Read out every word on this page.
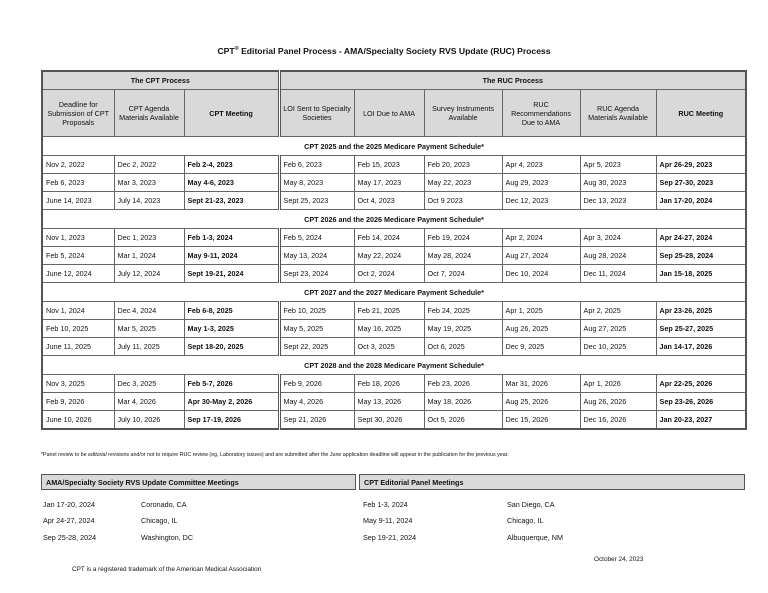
CPT® Editorial Panel Process - AMA/Specialty Society RVS Update (RUC) Process
The CPT Process			The RUC Process					
Deadline for Submission of CPT Proposals	CPT Agenda Materials Available	CPT Meeting	LOI Sent to Specialty Societies	LOI Due to AMA	Survey Instruments Available	RUC Recommendations Due to AMA	RUC Agenda Materials Available	RUC Meeting
CPT 2025 and the 2025 Medicare Payment Schedule*								
Nov 2, 2022	Dec 2, 2022	Feb 2-4, 2023	Feb 6, 2023	Feb 15, 2023	Feb 20, 2023	Apr 4, 2023	Apr 5, 2023	Apr 26-29, 2023
Feb 6, 2023	Mar 3, 2023	May 4-6, 2023	May 8, 2023	May 17, 2023	May 22, 2023	Aug 29, 2023	Aug 30, 2023	Sep 27-30, 2023
June 14, 2023	July 14, 2023	Sept 21-23, 2023	Sept 25, 2023	Oct 4, 2023	Oct 9 2023	Dec 12, 2023	Dec 13, 2023	Jan 17-20, 2024
CPT 2026 and the 2026 Medicare Payment Schedule*								
Nov 1, 2023	Dec 1, 2023	Feb 1-3, 2024	Feb 5, 2024	Feb 14, 2024	Feb 19, 2024	Apr 2, 2024	Apr 3, 2024	Apr 24-27, 2024
Feb 5, 2024	Mar 1, 2024	May 9-11, 2024	May 13, 2024	May 22, 2024	May 28, 2024	Aug 27, 2024	Aug 28, 2024	Sep 25-28, 2024
June 12, 2024	July 12, 2024	Sept 19-21, 2024	Sept 23, 2024	Oct 2, 2024	Oct 7, 2024	Dec 10, 2024	Dec 11, 2024	Jan 15-18, 2025
CPT 2027 and the 2027 Medicare Payment Schedule*								
Nov 1, 2024	Dec 4, 2024	Feb 6-8, 2025	Feb 10, 2025	Feb 21, 2025	Feb 24, 2025	Apr 1, 2025	Apr 2, 2025	Apr 23-26, 2025
Feb 10, 2025	Mar 5, 2025	May 1-3, 2025	May 5, 2025	May 16, 2025	May 19, 2025	Aug 26, 2025	Aug 27, 2025	Sep 25-27, 2025
June 11, 2025	July 11, 2025	Sept 18-20, 2025	Sept 22, 2025	Oct 3, 2025	Oct 6, 2025	Dec 9, 2025	Dec 10, 2025	Jan 14-17, 2026
CPT 2028 and the 2028 Medicare Payment Schedule*								
Nov 3, 2025	Dec 3, 2025	Feb 5-7, 2026	Feb 9, 2026	Feb 18, 2026	Feb 23, 2026	Mar 31, 2026	Apr 1, 2026	Apr 22-25, 2026
Feb 9, 2026	Mar 4, 2026	Apr 30-May 2, 2026	May 4, 2026	May 13, 2026	May 18, 2026	Aug 25, 2026	Aug 26, 2026	Sep 23-26, 2026
June 10, 2026	July 10, 2026	Sep 17-19, 2026	Sep 21, 2026	Sept 30, 2026	Oct 5, 2026	Dec 15, 2026	Dec 16, 2026	Jan 20-23, 2027
*Panel review to be editorial revisions and/or not to require RUC review (eg, Laboratory issues) and are submitted after the June application deadline will appear in the publication for the previous year.
AMA/Specialty Society RVS Update Committee Meetings	CPT Editorial Panel Meetings
Jan 17-20, 2024	Coronado, CA
Apr 24-27, 2024	Chicago, IL
Sep 25-28, 2024	Washington, DC
Feb 1-3, 2024	San Diego, CA
May 9-11, 2024	Chicago, IL
Sep 19-21, 2024	Albuquerque, NM
October 24, 2023
CPT is a registered trademark of the American Medical Association
